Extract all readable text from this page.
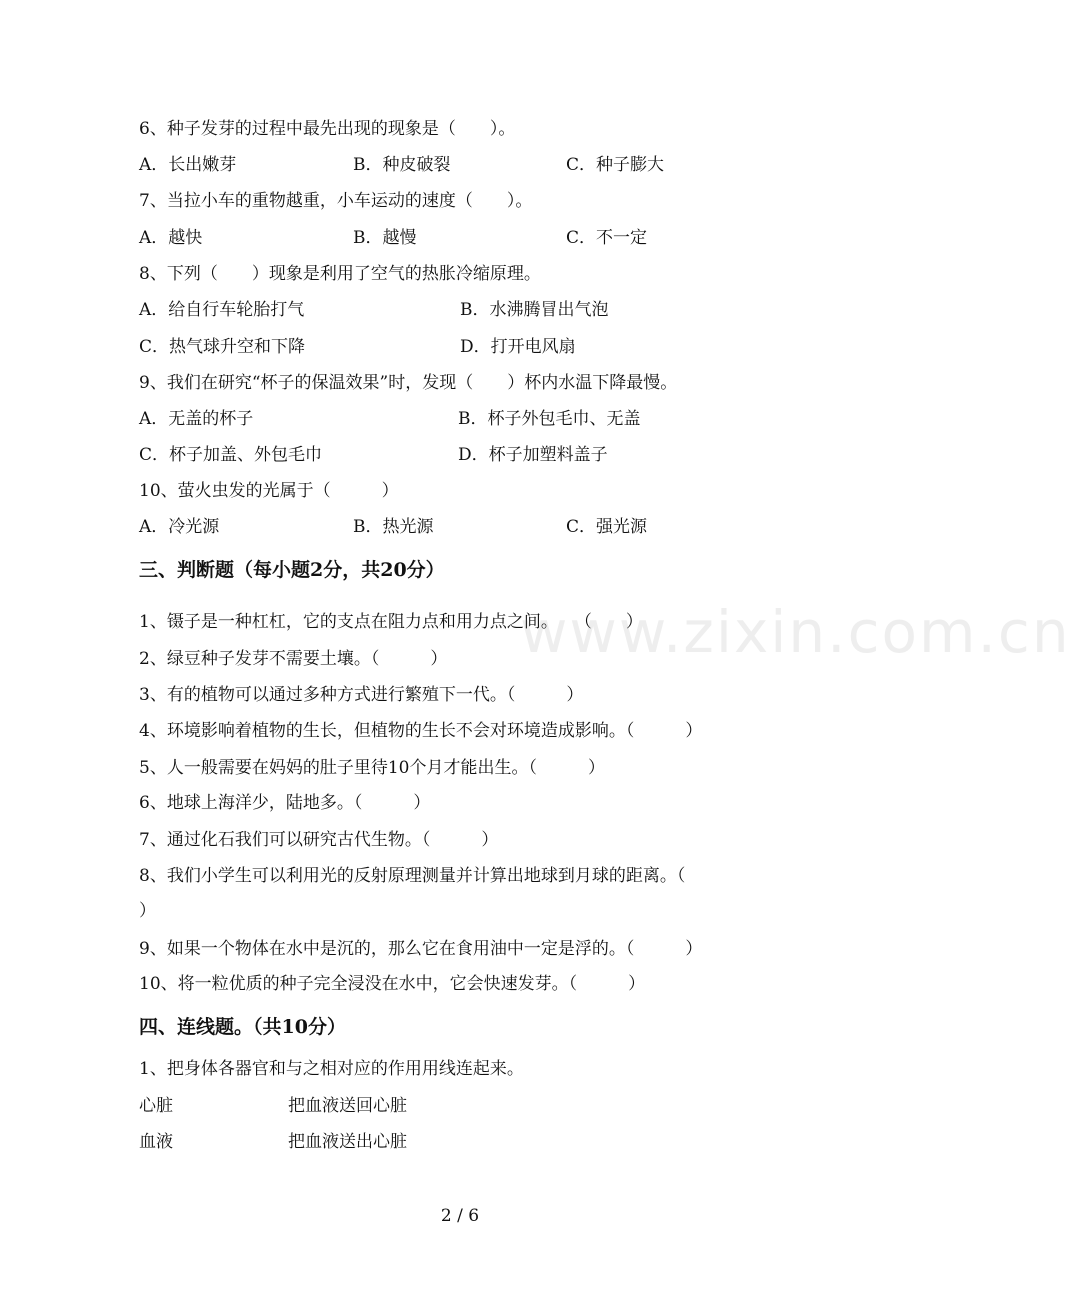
www.zixin.com.cn
6、种子发芽的过程中最先出现的现象是（　　）。
A．长出嫩芽	B．种皮破裂	C．种子膨大
7、当拉小车的重物越重，小车运动的速度（　　）。
A．越快	B．越慢	C．不一定
8、下列（　　）现象是利用了空气的热胀冷缩原理。
A．给自行车轮胎打气	B．水沸腾冒出气泡
C．热气球升空和下降	D．打开电风扇
9、我们在研究“杯子的保温效果”时，发现（　　）杯内水温下降最慢。
A．无盖的杯子	B．杯子外包毛巾、无盖
C．杯子加盖、外包毛巾	D．杯子加塑料盖子
10、萤火虫发的光属于（　　　）
A．冷光源	B．热光源	C．强光源
三、判断题（每小题2分，共20分）
1、镊子是一种杠杠，它的支点在阻力点和用力点之间。　　（　　）
2、绿豆种子发芽不需要土壤。（　　　）
3、有的植物可以通过多种方式进行繁殖下一代。（　　　）
4、环境影响着植物的生长，但植物的生长不会对环境造成影响。（　　　）
5、人一般需要在妈妈的肚子里待10个月才能出生。（　　　）
6、地球上海洋少，陆地多。（　　　）
7、通过化石我们可以研究古代生物。（　　　）
8、我们小学生可以利用光的反射原理测量并计算出地球到月球的距离。（
）
9、如果一个物体在水中是沉的，那么它在食用油中一定是浮的。（　　　）
10、将一粒优质的种子完全浸没在水中，它会快速发芽。（　　　）
四、连线题。（共10分）
1、把身体各器官和与之相对应的作用用线连起来。
心脏	把血液送回心脏
血液	把血液送出心脏
2 / 6
